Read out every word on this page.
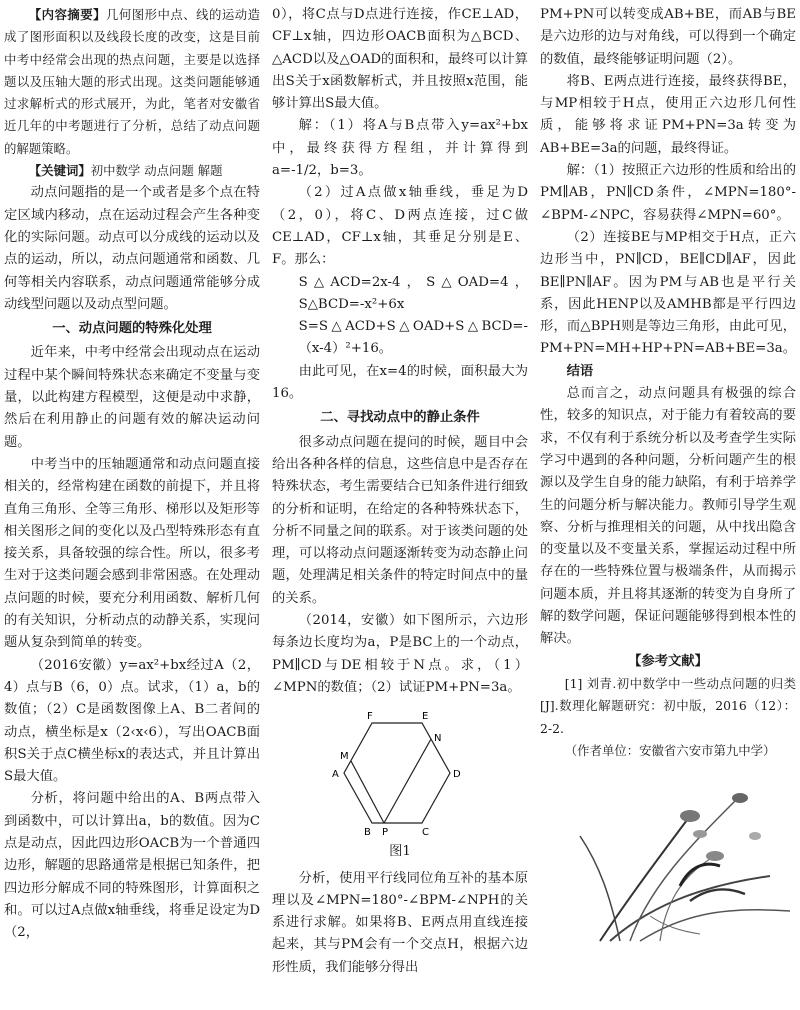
【内容摘要】几何图形中点、线的运动造成了图形面积以及线段长度的改变，这是目前中考中经常会出现的热点问题，主要是以选择题以及压轴大题的形式出现。这类问题能够通过求解析式的形式展开，为此，笔者对安徽省近几年的中考题进行了分析，总结了动点问题的解题策略。

【关键词】初中数学 动点问题 解题

动点问题指的是一个或者是多个点在特定区域内移动，点在运动过程会产生各种变化的实际问题。动点可以分成线的运动以及点的运动，所以，动点问题通常和函数、几何等相关内容联系，动点问题通常能够分成动线型问题以及动点型问题。

一、动点问题的特殊化处理

近年来，中考中经常会出现动点在运动过程中某个瞬间特殊状态来确定不变量与变量，以此构建方程模型，这便是动中求静，然后在利用静止的问题有效的解决运动问题。

中考当中的压轴题通常和动点问题直接相关的，经常构建在函数的前提下，并且将直角三角形、全等三角形、梯形以及矩形等相关图形之间的变化以及凸型特殊形态有直接关系，具备较强的综合性。所以，很多考生对于这类问题会感到非常困惑。在处理动点问题的时候，要充分利用函数、解析几何的有关知识，分析动点的动静关系，实现问题从复杂到简单的转变。

（2016安徽）y=ax²+bx经过A（2，4）点与B（6，0）点。试求，（1）a，b的数值；（2）C是函数图像上A、B二者间的动点，横坐标是x（2‹x‹6），写出OACB面积S关于点C横坐标x的表达式，并且计算出S最大值。

分析，将问题中给出的A、B两点带入到函数中，可以计算出a，b的数值。因为C点是动点，因此四边形OACB为一个普通四边形，解题的思路通常是根据已知条件，把四边形分解成不同的特殊图形，计算面积之和。可以过A点做x轴垂线，将垂足设定为D（2，

0），将C点与D点进行连接，作CE⊥AD，CF⊥x轴，四边形OACB面积为△BCD、△ACD以及△OAD的面积和，最终可以计算出S关于x函数解析式，并且按照x范围，能够计算出S最大值。

解：（1）将A与B点带入y=ax²+bx中，最终获得方程组，并计算得到a=-1/2，b=3。

（2）过A点做x轴垂线，垂足为D（2，0），将C、D两点连接，过C做CE⊥AD，CF⊥x轴，其垂足分别是E、F。那么：

S△ACD=2x-4，S△OAD=4，S△BCD=-x²+6x

S=S△ACD+S△OAD+S△BCD=-（x-4）²+16。

由此可见，在x=4的时候，面积最大为16。

二、寻找动点中的静止条件

很多动点问题在提问的时候，题目中会给出各种各样的信息，这些信息中是否存在特殊状态，考生需要结合已知条件进行细致的分析和证明，在给定的各种特殊状态下，分析不同量之间的联系。对于该类问题的处理，可以将动点问题逐渐转变为动态静止问题，处理满足相关条件的特定时间点中的量的关系。

（2014，安徽）如下图所示，六边形每条边长度均为a，P是BC上的一个动点，PM∥CD与DE相较于N点。求，（1）∠MPN的数值；（2）试证PM+PN=3a。

F	E
N
D
M
A
B P	C

图1

分析，使用平行线同位角互补的基本原理以及∠MPN=180°-∠BPM-∠NPH的关系进行求解。如果将B、E两点用直线连接起来，其与PM会有一个交点H，根据六边形性质，我们能够分得出

PM+PN可以转变成AB+BE，而AB与BE是六边形的边与对角线，可以得到一个确定的数值，最终能够证明问题（2）。

将B、E两点进行连接，最终获得BE，与MP相较于H点，使用正六边形几何性质，能够将求证PM+PN=3a转变为AB+BE=3a的问题，最终得证。

解：（1）按照正六边形的性质和给出的PM∥AB，PN∥CD条件，∠MPN=180°-∠BPM-∠NPC，容易获得∠MPN=60°。

（2）连接BE与MP相交于H点，正六边形当中，PN∥CD，BE∥CD∥AF，因此BE∥PN∥AF。因为PM与AB也是平行关系，因此HENP以及AMHB都是平行四边形，而△BPH则是等边三角形，由此可见，PM+PN=MH+HP+PN=AB+BE=3a。

结语

总而言之，动点问题具有极强的综合性，较多的知识点，对于能力有着较高的要求，不仅有利于系统分析以及考查学生实际学习中遇到的各种问题，分析问题产生的根源以及学生自身的能力缺陷，有利于培养学生的问题分析与解决能力。教师引导学生观察、分析与推理相关的问题，从中找出隐含的变量以及不变量关系，掌握运动过程中所存在的一些特殊位置与极端条件，从而揭示问题本质，并且将其逐渐的转变为自身所了解的数学问题，保证问题能够得到根本性的解决。

【参考文献】

[1] 刘青.初中数学中一些动点问题的归类[J].数理化解题研究：初中版，2016（12）：2-2.

（作者单位：安徽省六安市第九中学）
